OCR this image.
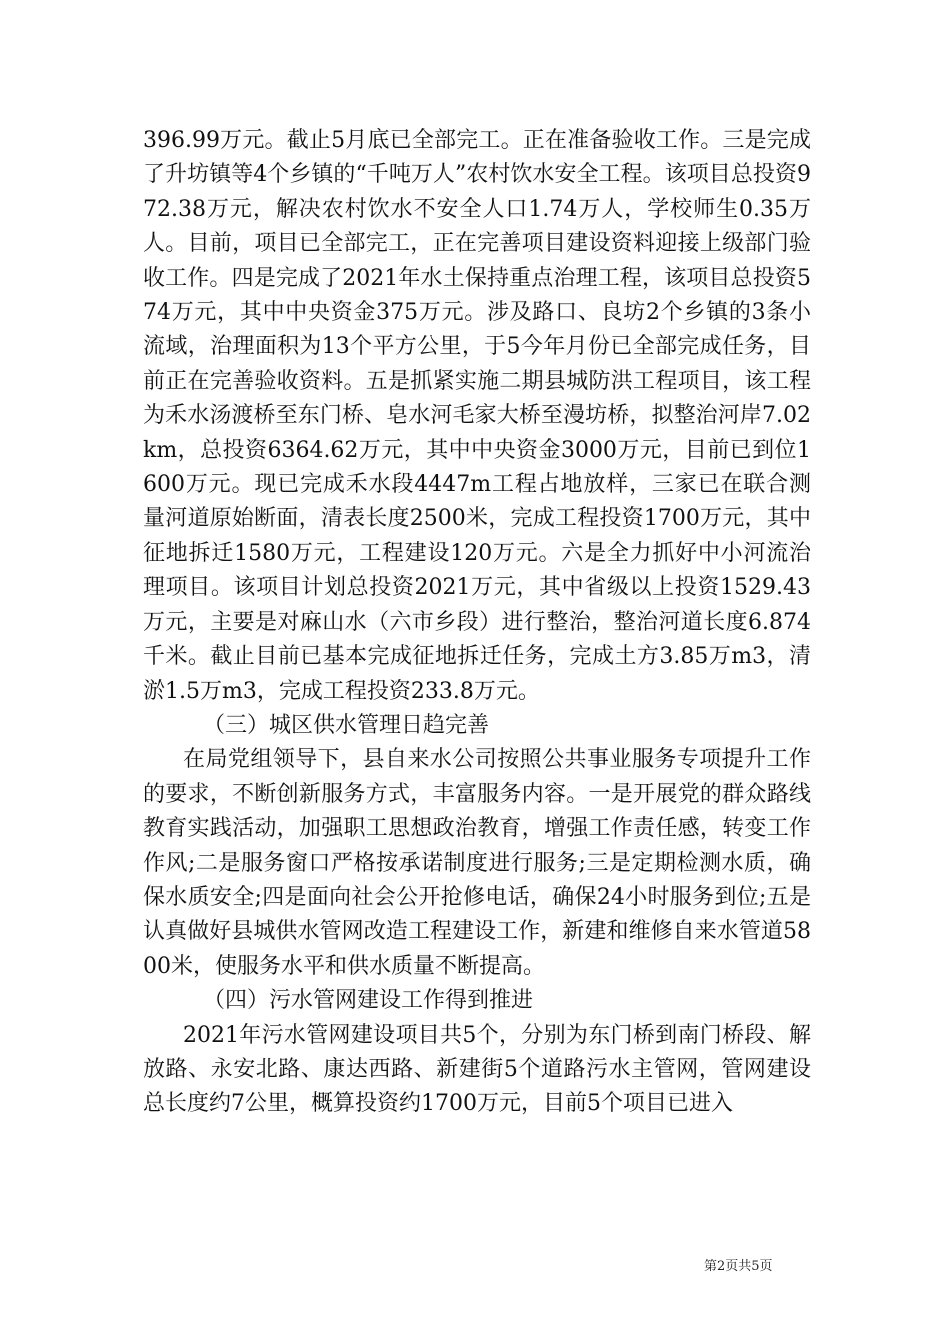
396.99万元。截止5月底已全部完工。正在准备验收工作。三是完成了升坊镇等4个乡镇的“千吨万人”农村饮水安全工程。该项目总投资972.38万元，解决农村饮水不安全人口1.74万人，学校师生0.35万人。目前，项目已全部完工，正在完善项目建设资料迎接上级部门验收工作。四是完成了2021年水土保持重点治理工程，该项目总投资574万元，其中中央资金375万元。涉及路口、良坊2个乡镇的3条小流域，治理面积为13个平方公里，于5今年月份已全部完成任务，目前正在完善验收资料。五是抓紧实施二期县城防洪工程项目，该工程为禾水汤渡桥至东门桥、皂水河毛家大桥至漫坊桥，拟整治河岸7.02km，总投资6364.62万元，其中中央资金3000万元，目前已到位1600万元。现已完成禾水段4447m工程占地放样，三家已在联合测量河道原始断面，清表长度2500米，完成工程投资1700万元，其中征地拆迁1580万元，工程建设120万元。六是全力抓好中小河流治理项目。该项目计划总投资2021万元，其中省级以上投资1529.43万元，主要是对麻山水（六市乡段）进行整治，整治河道长度6.874千米。截止目前已基本完成征地拆迁任务，完成土方3.85万m3，清淤1.5万m3，完成工程投资233.8万元。

（三）城区供水管理日趋完善

在局党组领导下，县自来水公司按照公共事业服务专项提升工作的要求，不断创新服务方式，丰富服务内容。一是开展党的群众路线教育实践活动，加强职工思想政治教育，增强工作责任感，转变工作作风;二是服务窗口严格按承诺制度进行服务;三是定期检测水质，确保水质安全;四是面向社会公开抢修电话，确保24小时服务到位;五是认真做好县城供水管网改造工程建设工作，新建和维修自来水管道5800米，使服务水平和供水质量不断提高。

（四）污水管网建设工作得到推进

2021年污水管网建设项目共5个，分别为东门桥到南门桥段、解放路、永安北路、康达西路、新建街5个道路污水主管网，管网建设总长度约7公里，概算投资约1700万元，目前5个项目已进入

第2页共5页
